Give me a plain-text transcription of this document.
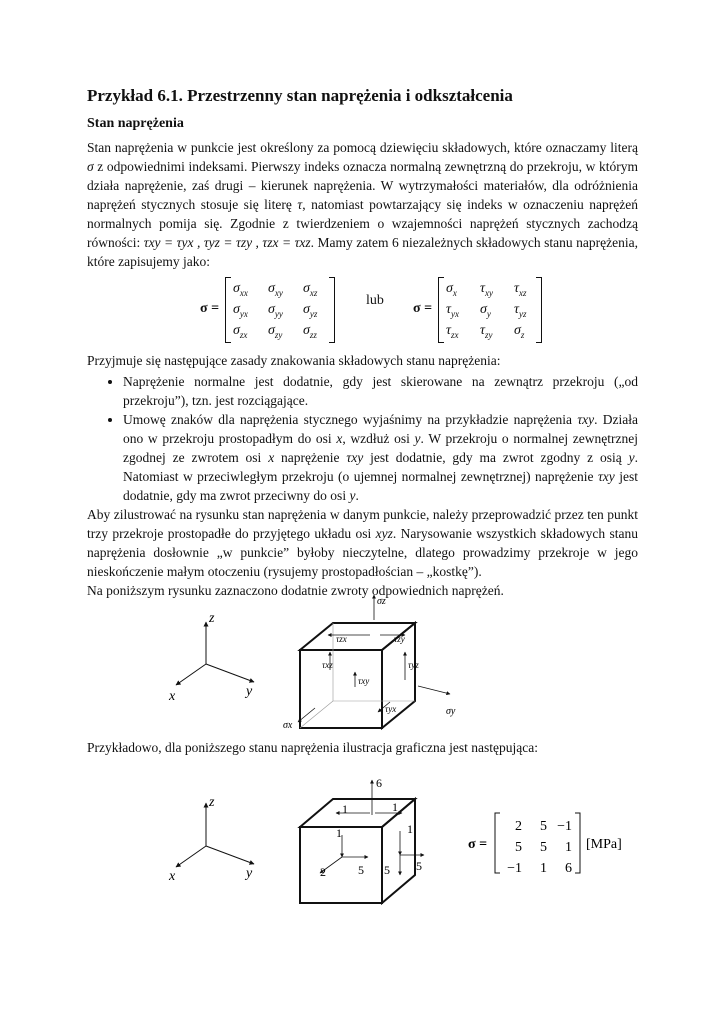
Przykład 6.1. Przestrzenny stan naprężenia i odkształcenia
Stan naprężenia

Stan naprężenia w punkcie jest określony za pomocą dziewięciu składowych, które oznaczamy literą σ z odpowiednimi indeksami. Pierwszy indeks oznacza normalną zewnętrzną do przekroju, w którym działa naprężenie, zaś drugi – kierunek naprężenia. W wytrzymałości materiałów, dla odróżnienia naprężeń stycznych stosuje się literę τ, natomiast powtarzający się indeks w oznaczeniu naprężeń normalnych pomija się. Zgodnie z twierdzeniem o wzajemności naprężeń stycznych zachodzą równości: τxy = τyx , τyz = τzy , τzx = τxz. Mamy zatem 6 niezależnych składowych stanu naprężenia, które zapisujemy jako:

σ =
$\sigma_{xx}$ $\sigma_{xy}$ $\sigma_{xz}$
$\sigma_{yx}$ $\sigma_{yy}$ $\sigma_{yz}$
$\sigma_{zx}$ $\sigma_{zy}$ $\sigma_{zz}$
lub
σ =
$\sigma_x$ $\tau_{xy}$ $\tau_{xz}$
$\tau_{yx}$ $\sigma_y$ $\tau_{yz}$
$\tau_{zx}$ $\tau_{zy}$ $\sigma_z$

Przyjmuje się następujące zasady znakowania składowych stanu naprężenia:

• Naprężenie normalne jest dodatnie, gdy jest skierowane na zewnątrz przekroju („od przekroju”), tzn. jest rozciągające.
• Umowę znaków dla naprężenia stycznego wyjaśnimy na przykładzie naprężenia τxy. Działa ono w przekroju prostopadłym do osi x, wzdłuż osi y. W przekroju o normalnej zewnętrznej zgodnej ze zwrotem osi x naprężenie τxy jest dodatnie, gdy ma zwrot zgodny z osią y. Natomiast w przeciwległym przekroju (o ujemnej normalnej zewnętrznej) naprężenie τxy jest dodatnie, gdy ma zwrot przeciwny do osi y.

Aby zilustrować na rysunku stan naprężenia w danym punkcie, należy przeprowadzić przez ten punkt trzy przekroje prostopadłe do przyjętego układu osi xyz. Narysowanie wszystkich składowych stanu naprężenia dosłownie „w punkcie” byłoby nieczytelne, dlatego prowadzimy przekroje w jego nieskończenie małym otoczeniu (rysujemy prostopadłościan – „kostkę”).

Na poniższym rysunku zaznaczono dodatnie zwroty odpowiednich naprężeń.

z
x	y
σz
τzx	τzy
τxz	τyz
τxy
τyx
σx
σy

Przykładowo, dla poniższego stanu naprężenia ilustracja graficzna jest następująca:

z
x	y
6
1	1
1	1
2	5 5 5
σ =
2 5 −1
5 5 1
−1 1 6
[MPa]
